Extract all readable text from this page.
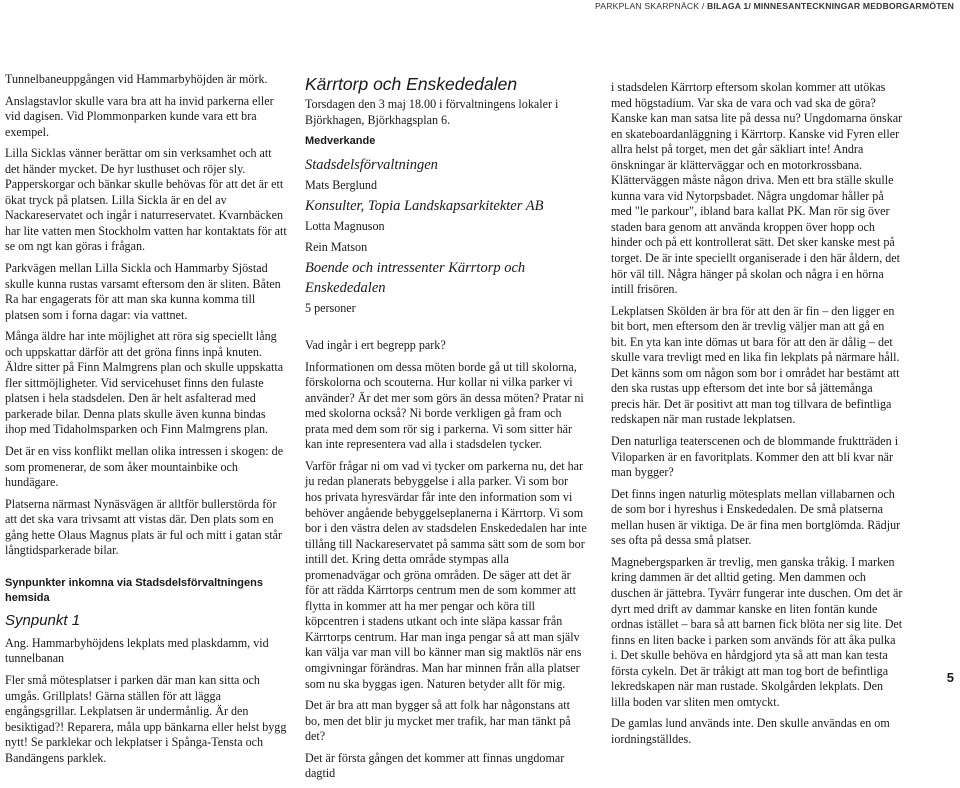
PARKPLAN SKARPNÄCK / BILAGA 1/ MINNESANTECKNINGAR MEDBORGARMÖTEN

Tunnelbaneuppgången vid Hammarbyhöjden är mörk.

Anslagstavlor skulle vara bra att ha invid parkerna eller vid dagisen. Vid Plommonparken kunde vara ett bra exempel.

Lilla Sicklas vänner berättar om sin verksamhet och att det händer mycket. De hyr lusthuset och röjer sly. Papperskorgar och bänkar skulle behövas för att det är ett ökat tryck på platsen. Lilla Sickla är en del av Nackareservatet och ingår i naturreservatet. Kvarnbäcken har lite vatten men Stockholm vatten har kontaktats för att se om ngt kan göras i frågan.

Parkvägen mellan Lilla Sickla och Hammarby Sjöstad skulle kunna rustas varsamt eftersom den är sliten. Båten Ra har engagerats för att man ska kunna komma till platsen som i forna dagar: via vattnet.

Många äldre har inte möjlighet att röra sig speciellt lång och uppskattar därför att det gröna finns inpå knuten. Äldre sitter på Finn Malmgrens plan och skulle uppskatta fler sittmöjligheter. Vid servicehuset finns den fulaste platsen i hela stadsdelen. Den är helt asfalterad med parkerade bilar. Denna plats skulle även kunna bindas ihop med Tidaholmsparken och Finn Malmgrens plan.

Det är en viss konflikt mellan olika intressen i skogen: de som promenerar, de som åker mountainbike och hundägare.

Platserna närmast Nynäsvägen är alltför bullerstörda för att det ska vara trivsamt att vistas där. Den plats som en gång hette Olaus Magnus plats är ful och mitt i gatan står långtidsparkerade bilar.

Synpunkter inkomna via Stadsdelsförvaltningens hemsida

Synpunkt 1

Ang. Hammarbyhöjdens lekplats med plaskdamm, vid tunnelbanan

Fler små mötesplatser i parken där man kan sitta och umgås. Grillplats! Gärna ställen för att lägga engångsgrillar. Lekplatsen är undermånlig. Är den besiktigad?! Reparera, måla upp bänkarna eller helst bygg nytt! Se parklekar och lekplatser i Spånga-Tensta och Bandängens parklek.

Kärrtorp och Enskededalen

Torsdagen den 3 maj 18.00 i förvaltningens lokaler i Björkhagen, Björkhagsplan 6.

Medverkande

Stadsdelsförvaltningen
Mats Berglund
Konsulter, Topia Landskapsarkitekter AB
Lotta Magnuson
Rein Matson
Boende och intressenter Kärrtorp och Enskededalen
5 personer

Vad ingår i ert begrepp park?

Informationen om dessa möten borde gå ut till skolorna, förskolorna och scouterna. Hur kollar ni vilka parker vi använder? Är det mer som görs än dessa möten? Pratar ni med skolorna också? Ni borde verkligen gå fram och prata med dem som rör sig i parkerna. Vi som sitter här kan inte representera vad alla i stadsdelen tycker.

Varför frågar ni om vad vi tycker om parkerna nu, det har ju redan planerats bebyggelse i alla parker. Vi som bor hos privata hyresvärdar får inte den information som vi behöver angående bebyggelseplanerna i Kärrtorp. Vi som bor i den västra delen av stadsdelen Enskededalen har inte tillång till Nackareservatet på samma sätt som de som bor intill det. Kring detta område stympas alla promenadvägar och gröna områden. De säger att det är för att rädda Kärrtorps centrum men de som kommer att flytta in kommer att ha mer pengar och köra till köpcentren i stadens utkant och inte släpa kassar från Kärrtorps centrum. Har man inga pengar så att man själv kan välja var man vill bo känner man sig maktlös när ens omgivningar förändras. Man har minnen från alla platser som nu ska byggas igen. Naturen betyder allt för mig.

Det är bra att man bygger så att folk har någonstans att bo, men det blir ju mycket mer trafik, har man tänkt på det?

Det är första gången det kommer att finnas ungdomar dagtid

i stadsdelen Kärrtorp eftersom skolan kommer att utökas med högstadium. Var ska de vara och vad ska de göra? Kanske kan man satsa lite på dessa nu? Ungdomarna önskar en skateboardanläggning i Kärrtorp. Kanske vid Fyren eller allra helst på torget, men det går säkliart inte! Andra önskningar är klätterväggar och en motorkrossbana. Klätterväggen måste någon driva. Men ett bra ställe skulle kunna vara vid Nytorpsbadet. Några ungdomar håller på med "le parkour", ibland bara kallat PK. Man rör sig över staden bara genom att använda kroppen över hopp och hinder och på ett kontrollerat sätt. Det sker kanske mest på torget. De är inte speciellt organiserade i den här åldern, det hör väl till. Några hänger på skolan och några i en hörna intill frisören.

Lekplatsen Skölden är bra för att den är fin – den ligger en bit bort, men eftersom den är trevlig väljer man att gå en bit. En yta kan inte dömas ut bara för att den är dålig – det skulle vara trevligt med en lika fin lekplats på närmare håll. Det känns som om någon som bor i området har bestämt att den ska rustas upp eftersom det inte bor så jättemånga precis här. Det är positivt att man tog tillvara de befintliga redskapen när man rustade lekplatsen.

Den naturliga teaterscenen och de blommande fruktträden i Viloparken är en favoritplats. Kommer den att bli kvar när man bygger?

Det finns ingen naturlig mötesplats mellan villabarnen och de som bor i hyreshus i Enskededalen. De små platserna mellan husen är viktiga. De är fina men bortglömda. Rädjur ses ofta på dessa små platser.

Magnebergsparken är trevlig, men ganska tråkig. I marken kring dammen är det alltid geting. Men dammen och duschen är jättebra. Tyvärr fungerar inte duschen. Om det är dyrt med drift av dammar kanske en liten fontän kunde ordnas istället – bara så att barnen fick blöta ner sig lite. Det finns en liten backe i parken som används för att åka pulka i. Det skulle behöva en hårdgjord yta så att man kan testa första cykeln. Det är tråkigt att man tog bort de befintliga lekredskapen när man rustade. Skolgården lekplats. Den lilla boden var sliten men omtyckt.

De gamlas lund används inte. Den skulle användas en om iordningställdes.

5
